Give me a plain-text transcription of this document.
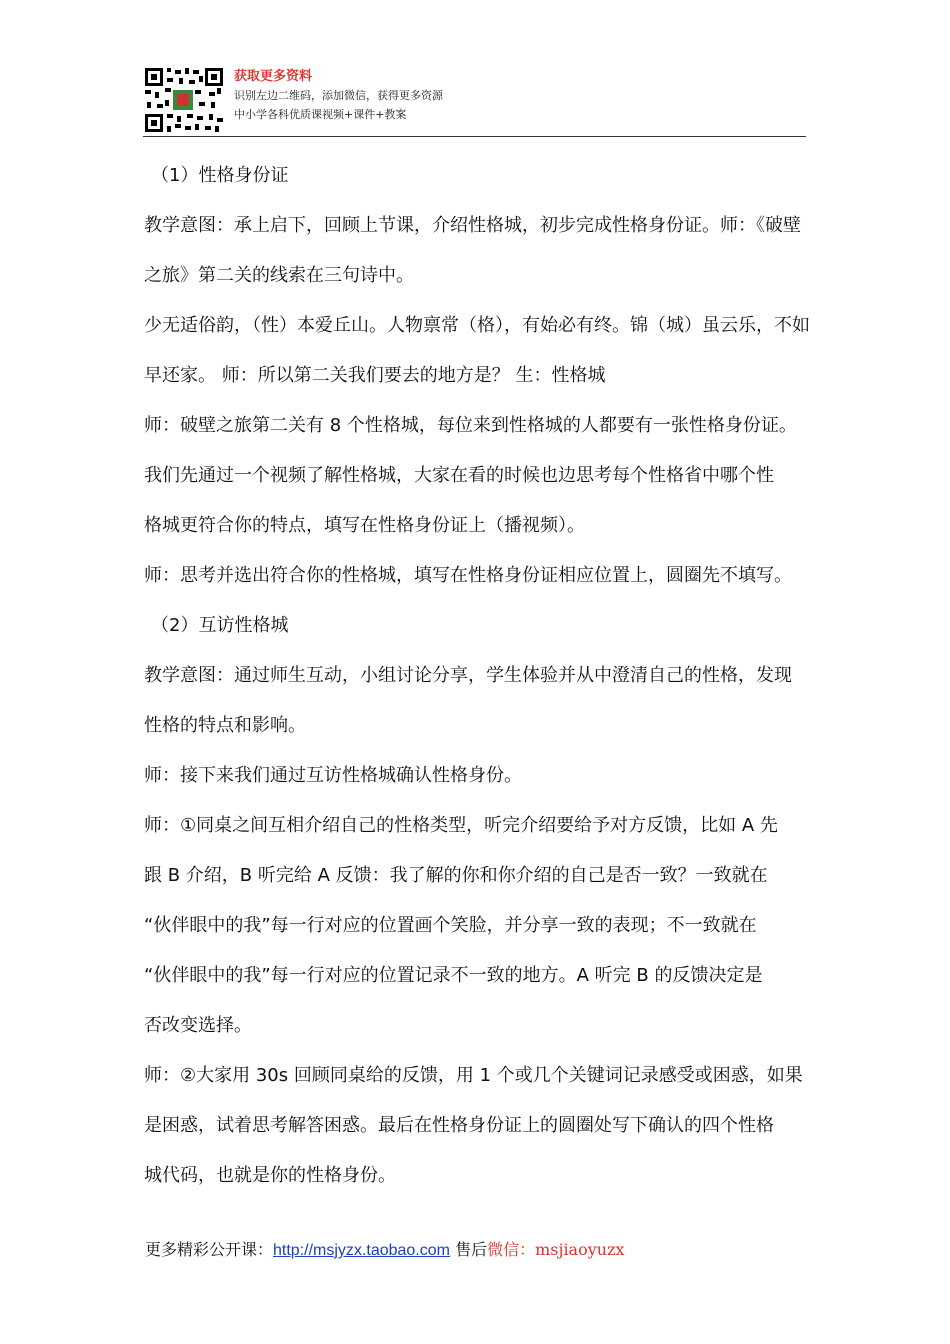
获取更多资料
识别左边二维码，添加微信，获得更多资源
中小学各科优质课视频+课件+教案
（1）性格身份证
教学意图：承上启下，回顾上节课，介绍性格城，初步完成性格身份证。师：《破壁
之旅》第二关的线索在三句诗中。
少无适俗韵，（性）本爱丘山。人物禀常（格），有始必有终。锦（城）虽云乐，不如
早还家。 师：所以第二关我们要去的地方是？ 生：性格城
师：破壁之旅第二关有 8 个性格城，每位来到性格城的人都要有一张性格身份证。
我们先通过一个视频了解性格城，大家在看的时候也边思考每个性格省中哪个性
格城更符合你的特点，填写在性格身份证上（播视频）。
师：思考并选出符合你的性格城，填写在性格身份证相应位置上，圆圈先不填写。
（2）互访性格城
教学意图：通过师生互动，小组讨论分享，学生体验并从中澄清自己的性格，发现
性格的特点和影响。
师：接下来我们通过互访性格城确认性格身份。
师：①同桌之间互相介绍自己的性格类型，听完介绍要给予对方反馈，比如 A 先
跟 B 介绍，B 听完给 A 反馈：我了解的你和你介绍的自己是否一致？一致就在
“伙伴眼中的我”每一行对应的位置画个笑脸，并分享一致的表现；不一致就在
“伙伴眼中的我”每一行对应的位置记录不一致的地方。A 听完 B 的反馈决定是
否改变选择。
师：②大家用 30s 回顾同桌给的反馈，用 1 个或几个关键词记录感受或困惑，如果
是困惑，试着思考解答困惑。最后在性格身份证上的圆圈处写下确认的四个性格
城代码，也就是你的性格身份。
更多精彩公开课：http://msjyzx.taobao.com 售后微信：msjiaoyuzx
